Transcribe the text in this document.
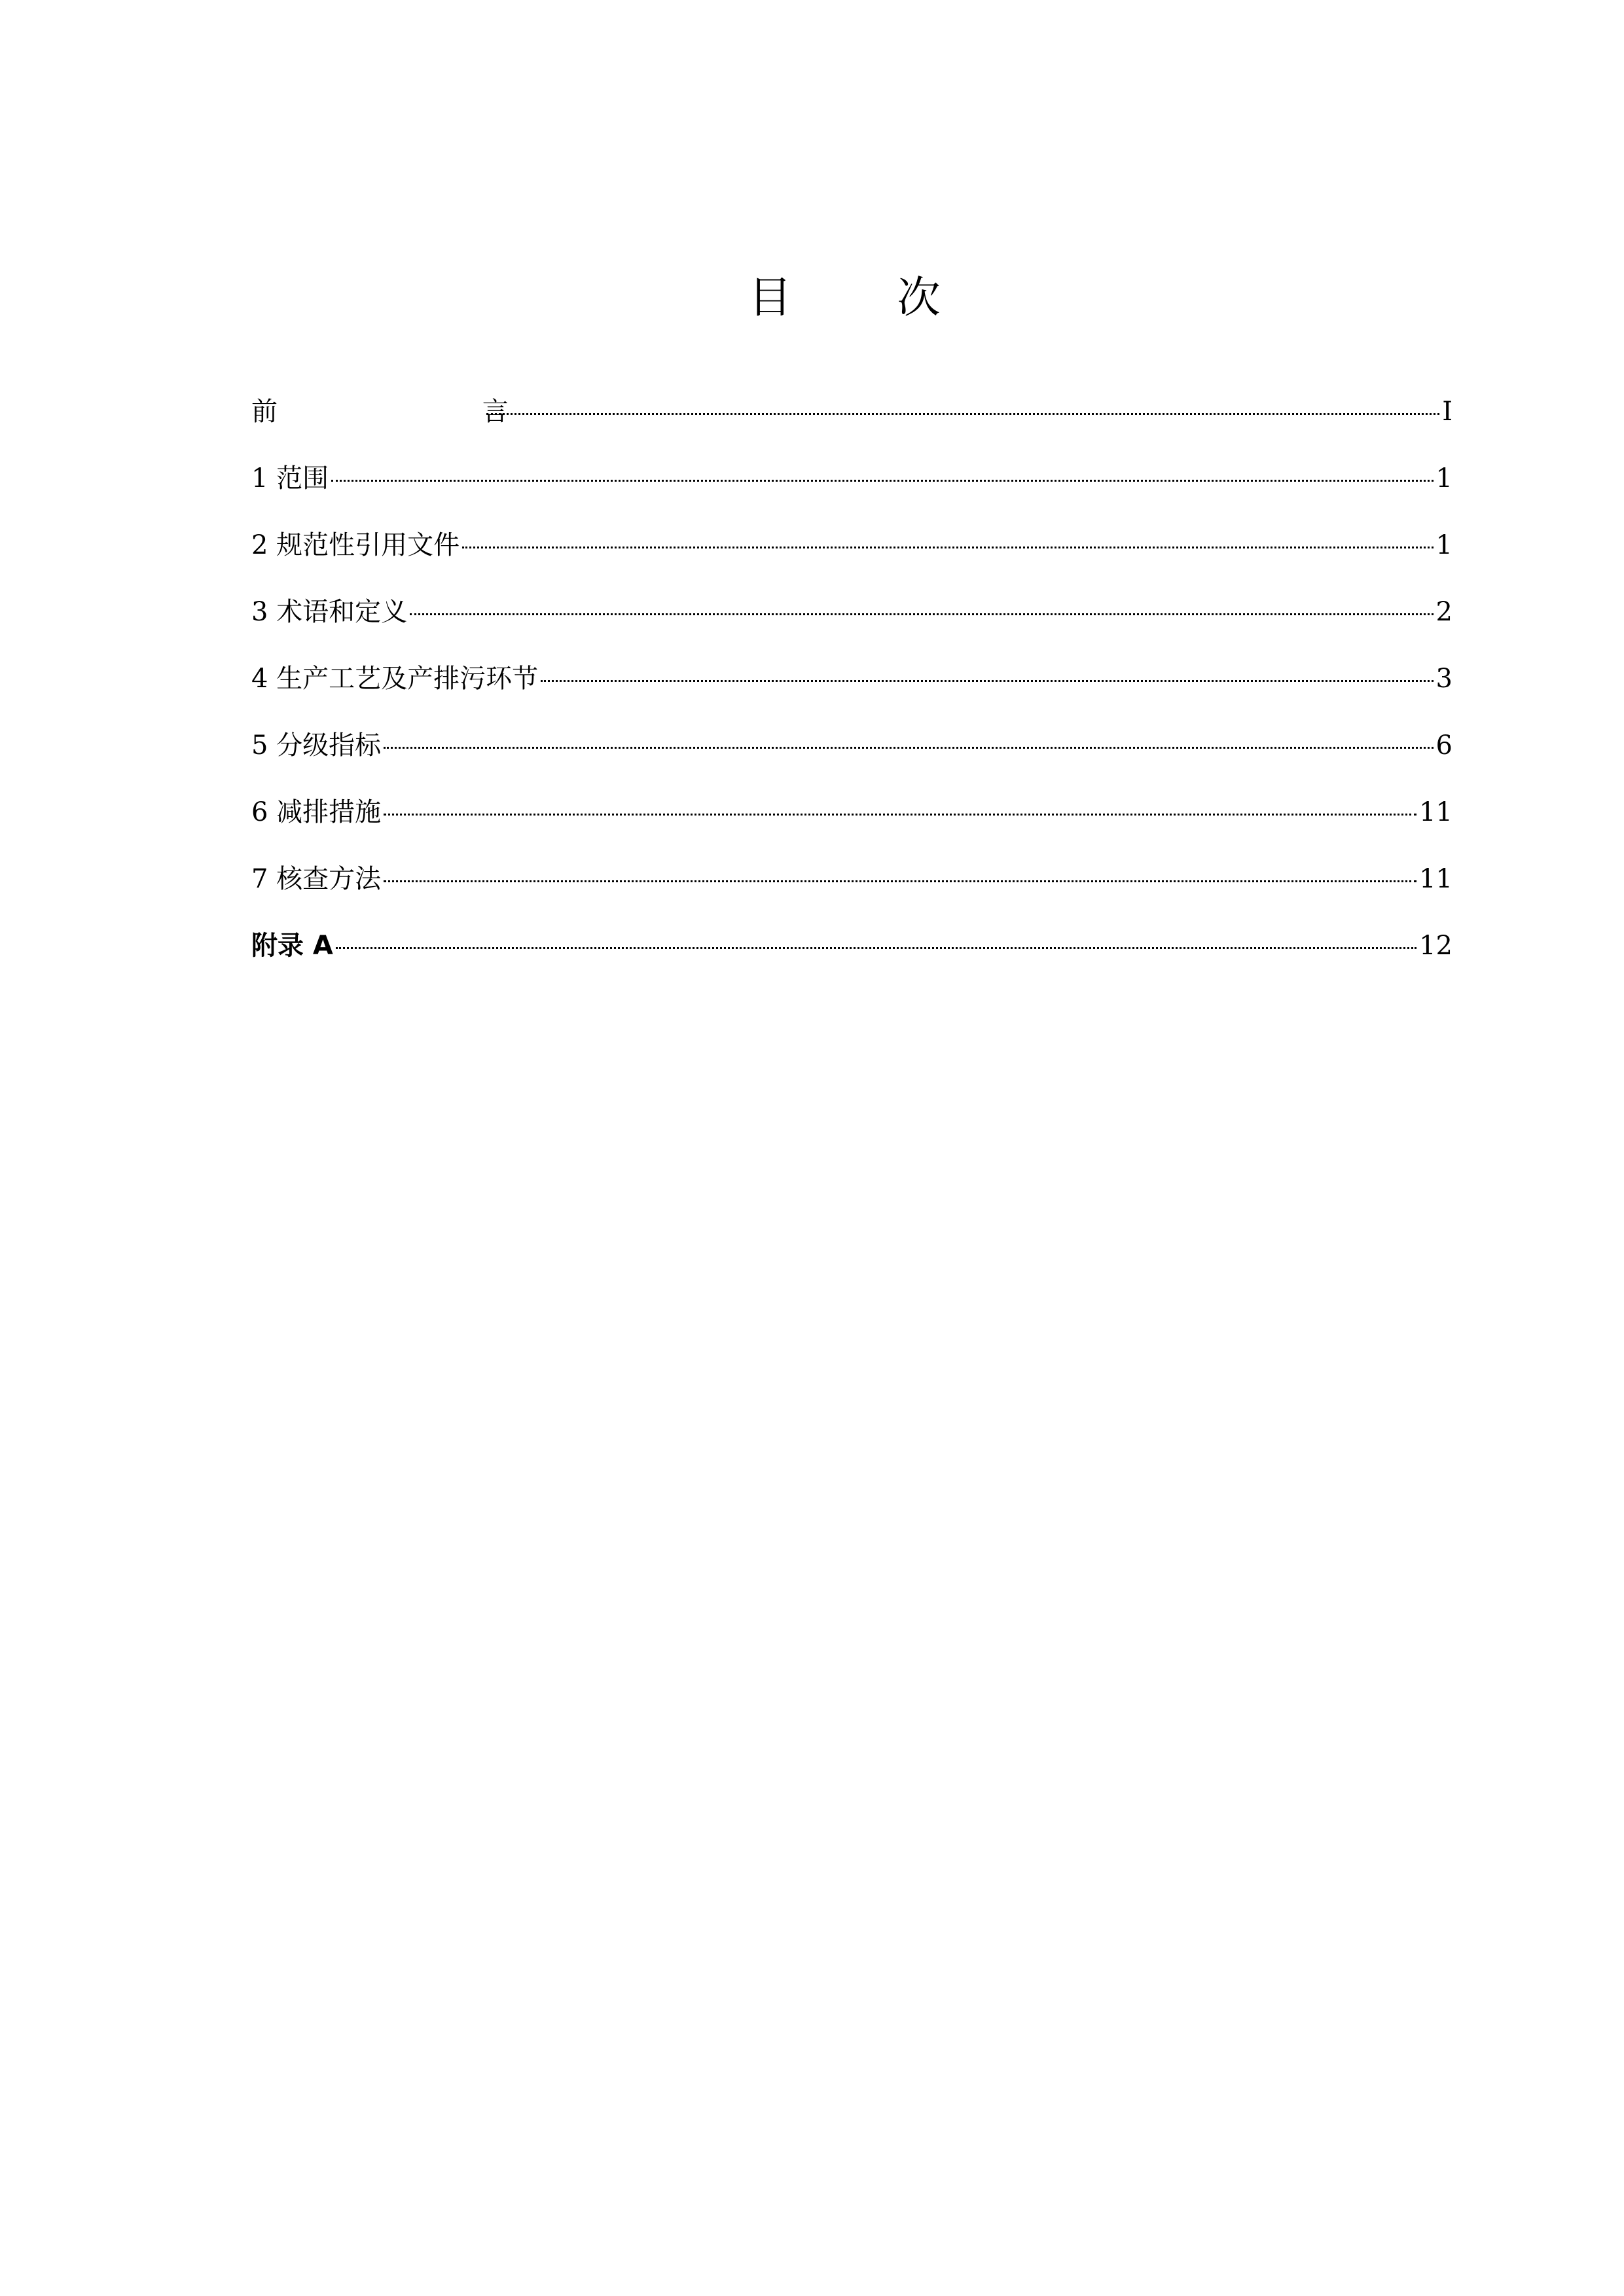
目 次
前 言	I
1 范围	1
2 规范性引用文件	1
3 术语和定义	2
4 生产工艺及产排污环节	3
5 分级指标	6
6 减排措施	11
7 核查方法	11
附录 A	12
